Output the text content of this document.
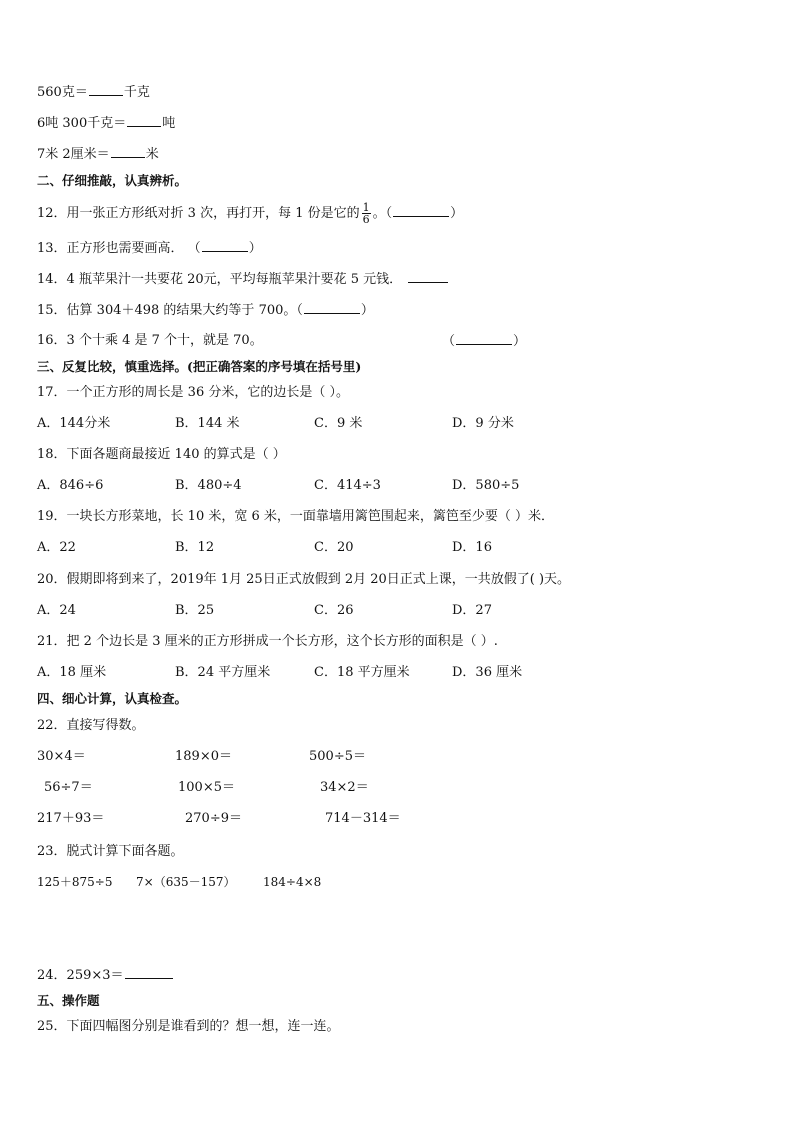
560克＝	千克
6吨 300千克＝	吨
7米 2厘米＝	米
二、仔细推敲，认真辨析。
12．用一张正方形纸对折 3 次，再打开，每 1 份是它的 $\frac{1}{6}$ 。（	）
13．正方形也需要画高． （	）
14．4 瓶苹果汁一共要花 20元，平均每瓶苹果汁要花 5 元钱．
15．估算 304＋498 的结果大约等于 700。（	）
16．3 个十乘 4 是 7 个十，就是 70。	（	）
三、反复比较，慎重选择。(把正确答案的序号填在括号里)
17．一个正方形的周长是 36 分米，它的边长是（ ）。
A．144分米	B．144 米	C．9 米	D．9 分米
18．下面各题商最接近 140 的算式是（ ）
A．846÷6	B．480÷4	C．414÷3	D．580÷5
19．一块长方形菜地，长 10 米，宽 6 米，一面靠墙用篱笆围起来，篱笆至少要（ ）米．
A．22	B．12	C．20	D．16
20．假期即将到来了，2019年 1月 25日正式放假到 2月 20日正式上课，一共放假了( )天。
A．24	B．25	C．26	D．27
21．把 2 个边长是 3 厘米的正方形拼成一个长方形，这个长方形的面积是（ ）.
A．18 厘米	B．24 平方厘米	C．18 平方厘米	D．36 厘米
四、细心计算，认真检查。
22．直接写得数。
30×4＝	189×0＝	500÷5＝
56÷7＝	100×5＝	34×2＝
217＋93＝	270÷9＝	714－314＝
23．脱式计算下面各题。
125＋875÷5 7×（635－157） 184÷4×8
24．259×3＝
五、操作题
25．下面四幅图分别是谁看到的？想一想，连一连。
